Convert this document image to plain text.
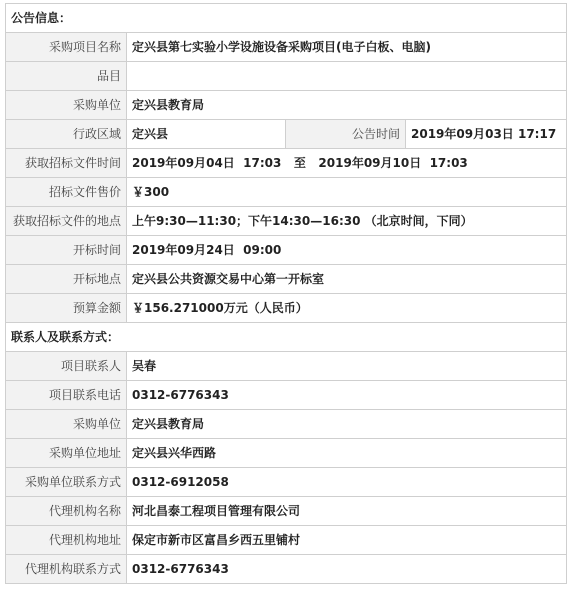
公告信息：			
采购项目名称	定兴县第七实验小学设施设备采购项目(电子白板、电脑)		
品目			
采购单位	定兴县教育局		
行政区域	定兴县	公告时间	2019年09月03日 17:17
获取招标文件时间	2019年09月04日  17:03   至   2019年09月10日  17:03		
招标文件售价	￥300		
获取招标文件的地点	上午9:30—11:30；下午14:30—16:30 （北京时间，下同）		
开标时间	2019年09月24日  09:00		
开标地点	定兴县公共资源交易中心第一开标室		
预算金额	￥156.271000万元（人民币）		
联系人及联系方式：			
项目联系人	吴春		
项目联系电话	0312-6776343		
采购单位	定兴县教育局		
采购单位地址	定兴县兴华西路		
采购单位联系方式	0312-6912058		
代理机构名称	河北昌泰工程项目管理有限公司		
代理机构地址	保定市新市区富昌乡西五里铺村		
代理机构联系方式	0312-6776343		
